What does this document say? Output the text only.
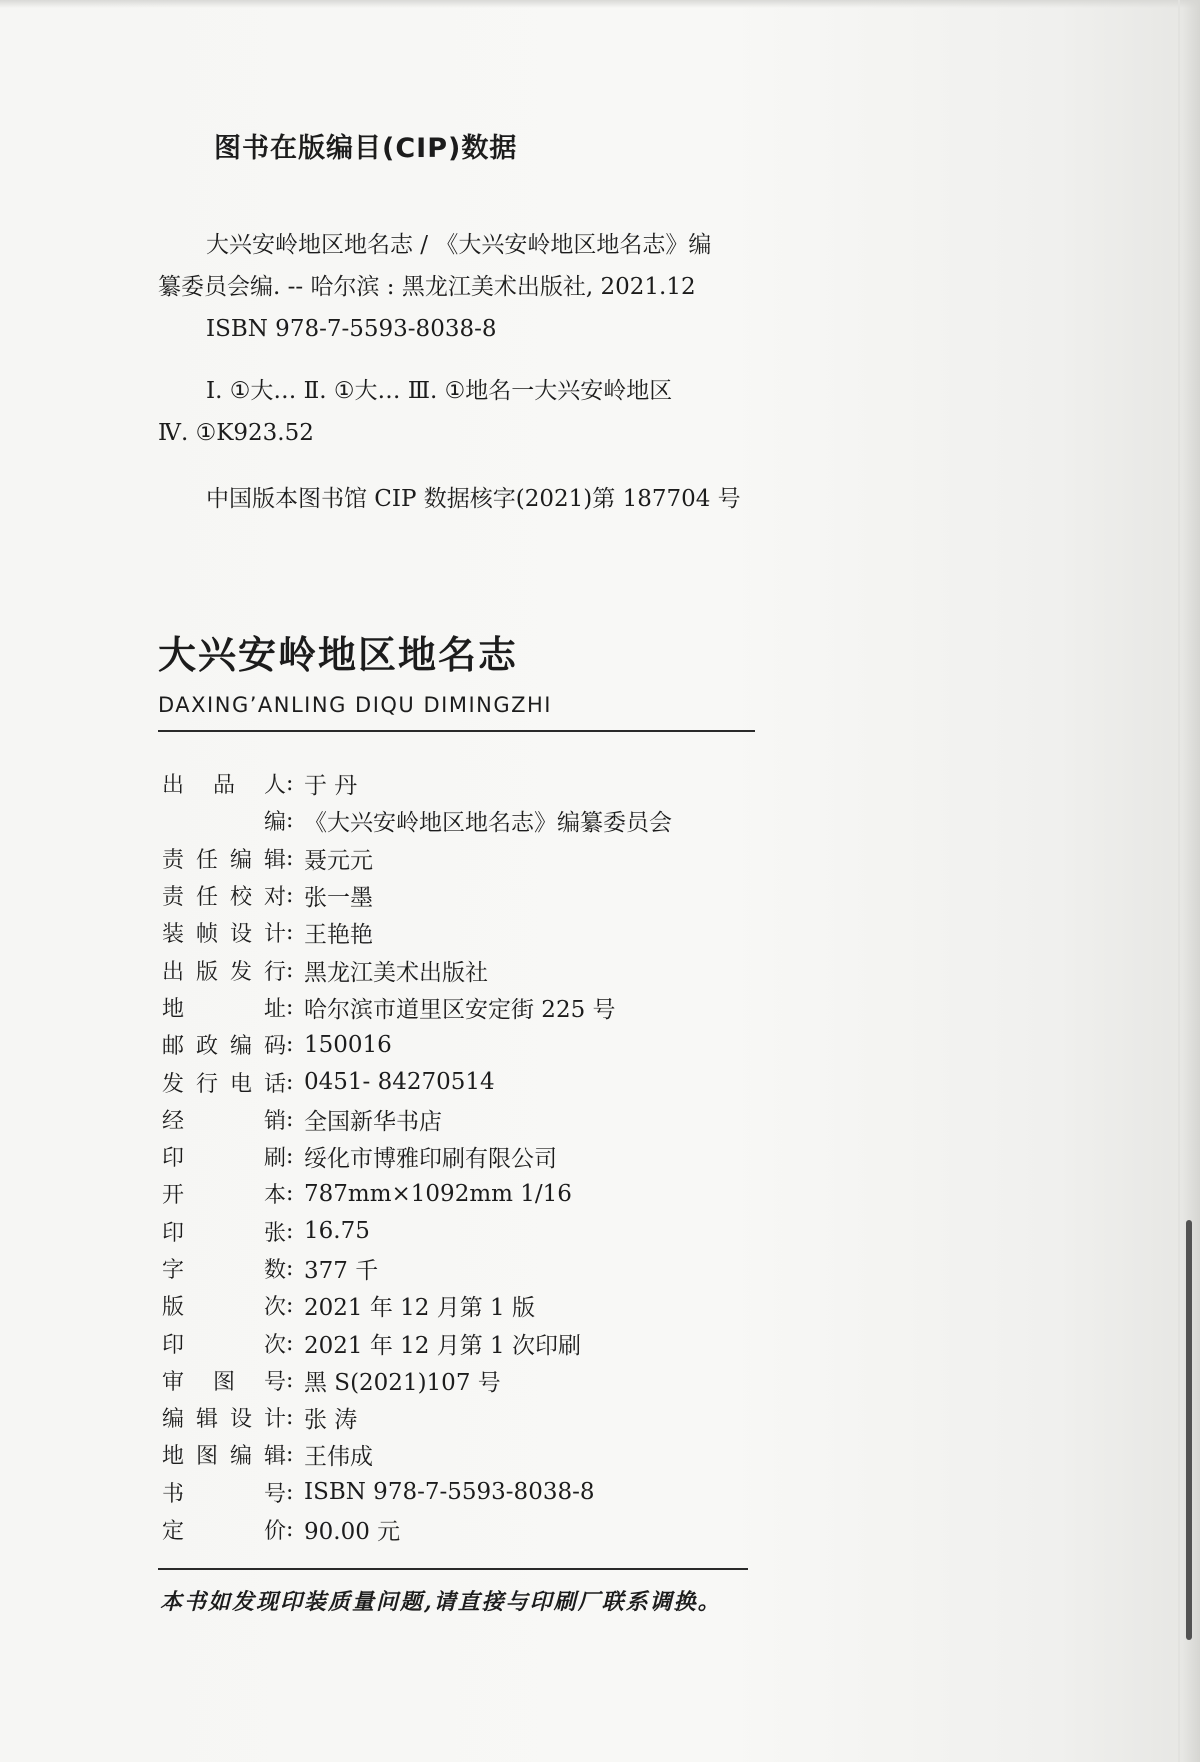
图书在版编目(CIP)数据
大兴安岭地区地名志 / 《大兴安岭地区地名志》编
纂委员会编. -- 哈尔滨 : 黑龙江美术出版社, 2021.12
ISBN 978-7-5593-8038-8
Ⅰ. ①大… Ⅱ. ①大… Ⅲ. ①地名一大兴安岭地区
Ⅳ. ①K923.52
中国版本图书馆 CIP 数据核字(2021)第 187704 号
大兴安岭地区地名志
DAXING’ANLING DIQU DIMINGZHI
出 品 人 : 于 丹
编 : 《大兴安岭地区地名志》编纂委员会
责 任 编 辑 : 聂元元
责 任 校 对 : 张一墨
装 帧 设 计 : 王艳艳
出 版 发 行 : 黑龙江美术出版社
地	址 : 哈尔滨市道里区安定街 225 号
邮 政 编 码 : 150016
发 行 电 话 : 0451- 84270514
经	销 : 全国新华书店
印	刷 : 绥化市博雅印刷有限公司
开	本 : 787mm×1092mm 1/16
印	张 : 16.75
字	数 : 377 千
版	次 : 2021 年 12 月第 1 版
印	次 : 2021 年 12 月第 1 次印刷
审 图 号 : 黑 S(2021)107 号
编 辑 设 计 : 张 涛
地 图 编 辑 : 王伟成
书	号 : ISBN 978-7-5593-8038-8
定	价 : 90.00 元
本书如发现印装质量问题,请直接与印刷厂联系调换。
